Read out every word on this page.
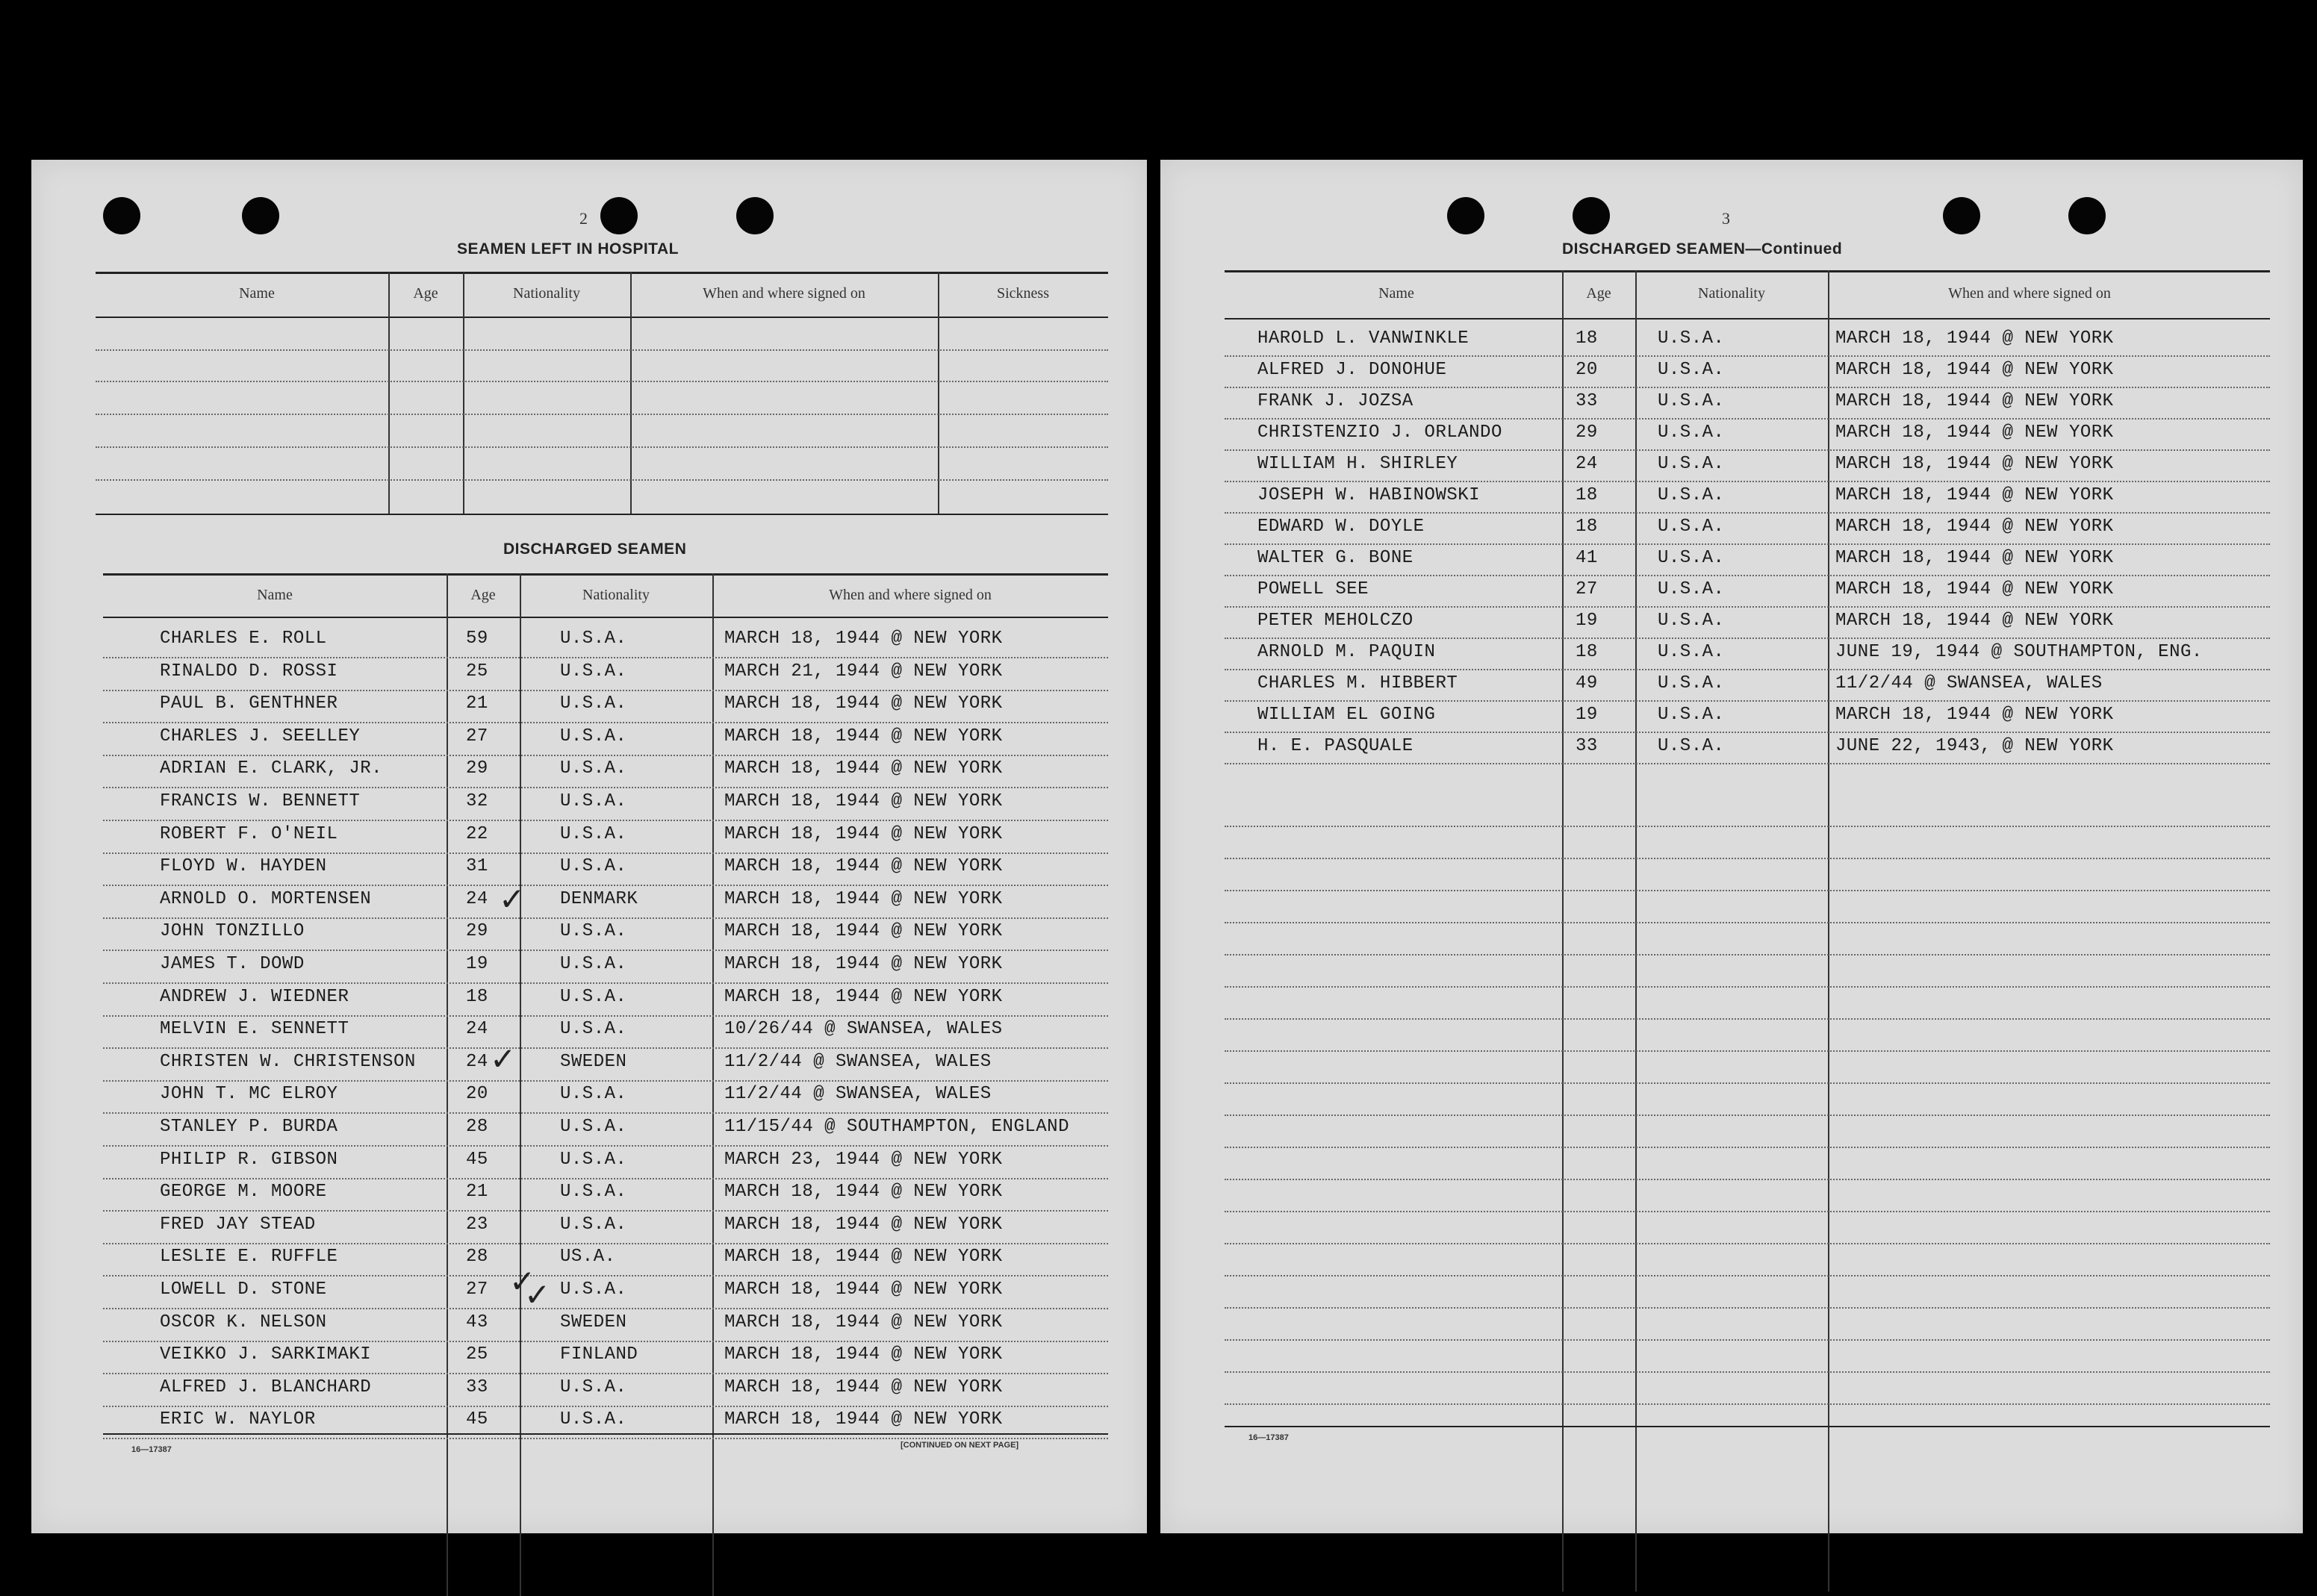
2
SEAMEN LEFT IN HOSPITAL
Name	Age	Nationality	When and where signed on	Sickness
DISCHARGED SEAMEN
Name	Age	Nationality	When and where signed on
CHARLES E. ROLL	59	U.S.A.	MARCH 18, 1944 @ NEW YORK
RINALDO D. ROSSI	25	U.S.A.	MARCH 21, 1944 @ NEW YORK
PAUL B. GENTHNER	21	U.S.A.	MARCH 18, 1944 @ NEW YORK
CHARLES J. SEELLEY	27	U.S.A.	MARCH 18, 1944 @ NEW YORK
ADRIAN E. CLARK, JR.	29	U.S.A.	MARCH 18, 1944 @ NEW YORK
FRANCIS W. BENNETT	32	U.S.A.	MARCH 18, 1944 @ NEW YORK
ROBERT F. O'NEIL	22	U.S.A.	MARCH 18, 1944 @ NEW YORK
FLOYD W. HAYDEN	31	U.S.A.	MARCH 18, 1944 @ NEW YORK
ARNOLD O. MORTENSEN	24	DENMARK	MARCH 18, 1944 @ NEW YORK
JOHN TONZILLO	29	U.S.A.	MARCH 18, 1944 @ NEW YORK
JAMES T. DOWD	19	U.S.A.	MARCH 18, 1944 @ NEW YORK
ANDREW J. WIEDNER	18	U.S.A.	MARCH 18, 1944 @ NEW YORK
MELVIN E. SENNETT	24	U.S.A.	10/26/44 @ SWANSEA, WALES
CHRISTEN W. CHRISTENSON	24	SWEDEN	11/2/44 @ SWANSEA, WALES
JOHN T. MC ELROY	20	U.S.A.	11/2/44 @ SWANSEA, WALES
STANLEY P. BURDA	28	U.S.A.	11/15/44 @ SOUTHAMPTON, ENGLAND
PHILIP R. GIBSON	45	U.S.A.	MARCH 23, 1944 @ NEW YORK
GEORGE M. MOORE	21	U.S.A.	MARCH 18, 1944 @ NEW YORK
FRED JAY STEAD	23	U.S.A.	MARCH 18, 1944 @ NEW YORK
LESLIE E. RUFFLE	28	US.A.	MARCH 18, 1944 @ NEW YORK
LOWELL D. STONE	27	U.S.A.	MARCH 18, 1944 @ NEW YORK
OSCOR K. NELSON	43	SWEDEN	MARCH 18, 1944 @ NEW YORK
VEIKKO J. SARKIMAKI	25	FINLAND	MARCH 18, 1944 @ NEW YORK
ALFRED J. BLANCHARD	33	U.S.A.	MARCH 18, 1944 @ NEW YORK
ERIC W. NAYLOR	45	U.S.A.	MARCH 18, 1944 @ NEW YORK
✓
✓
✓
✓
16—17387	[CONTINUED ON NEXT PAGE]
3
DISCHARGED SEAMEN—Continued
Name	Age	Nationality	When and where signed on
HAROLD L. VANWINKLE	18	U.S.A.	MARCH 18, 1944 @ NEW YORK
ALFRED J. DONOHUE	20	U.S.A.	MARCH 18, 1944 @ NEW YORK
FRANK J. JOZSA	33	U.S.A.	MARCH 18, 1944 @ NEW YORK
CHRISTENZIO J. ORLANDO	29	U.S.A.	MARCH 18, 1944 @ NEW YORK
WILLIAM H. SHIRLEY	24	U.S.A.	MARCH 18, 1944 @ NEW YORK
JOSEPH W. HABINOWSKI	18	U.S.A.	MARCH 18, 1944 @ NEW YORK
EDWARD W. DOYLE	18	U.S.A.	MARCH 18, 1944 @ NEW YORK
WALTER G. BONE	41	U.S.A.	MARCH 18, 1944 @ NEW YORK
POWELL SEE	27	U.S.A.	MARCH 18, 1944 @ NEW YORK
PETER MEHOLCZO	19	U.S.A.	MARCH 18, 1944 @ NEW YORK
ARNOLD M. PAQUIN	18	U.S.A.	JUNE 19, 1944 @ SOUTHAMPTON, ENG.
CHARLES M. HIBBERT	49	U.S.A.	11/2/44 @ SWANSEA, WALES
WILLIAM EL GOING	19	U.S.A.	MARCH 18, 1944 @ NEW YORK
H. E. PASQUALE	33	U.S.A.	JUNE 22, 1943, @ NEW YORK
16—17387
